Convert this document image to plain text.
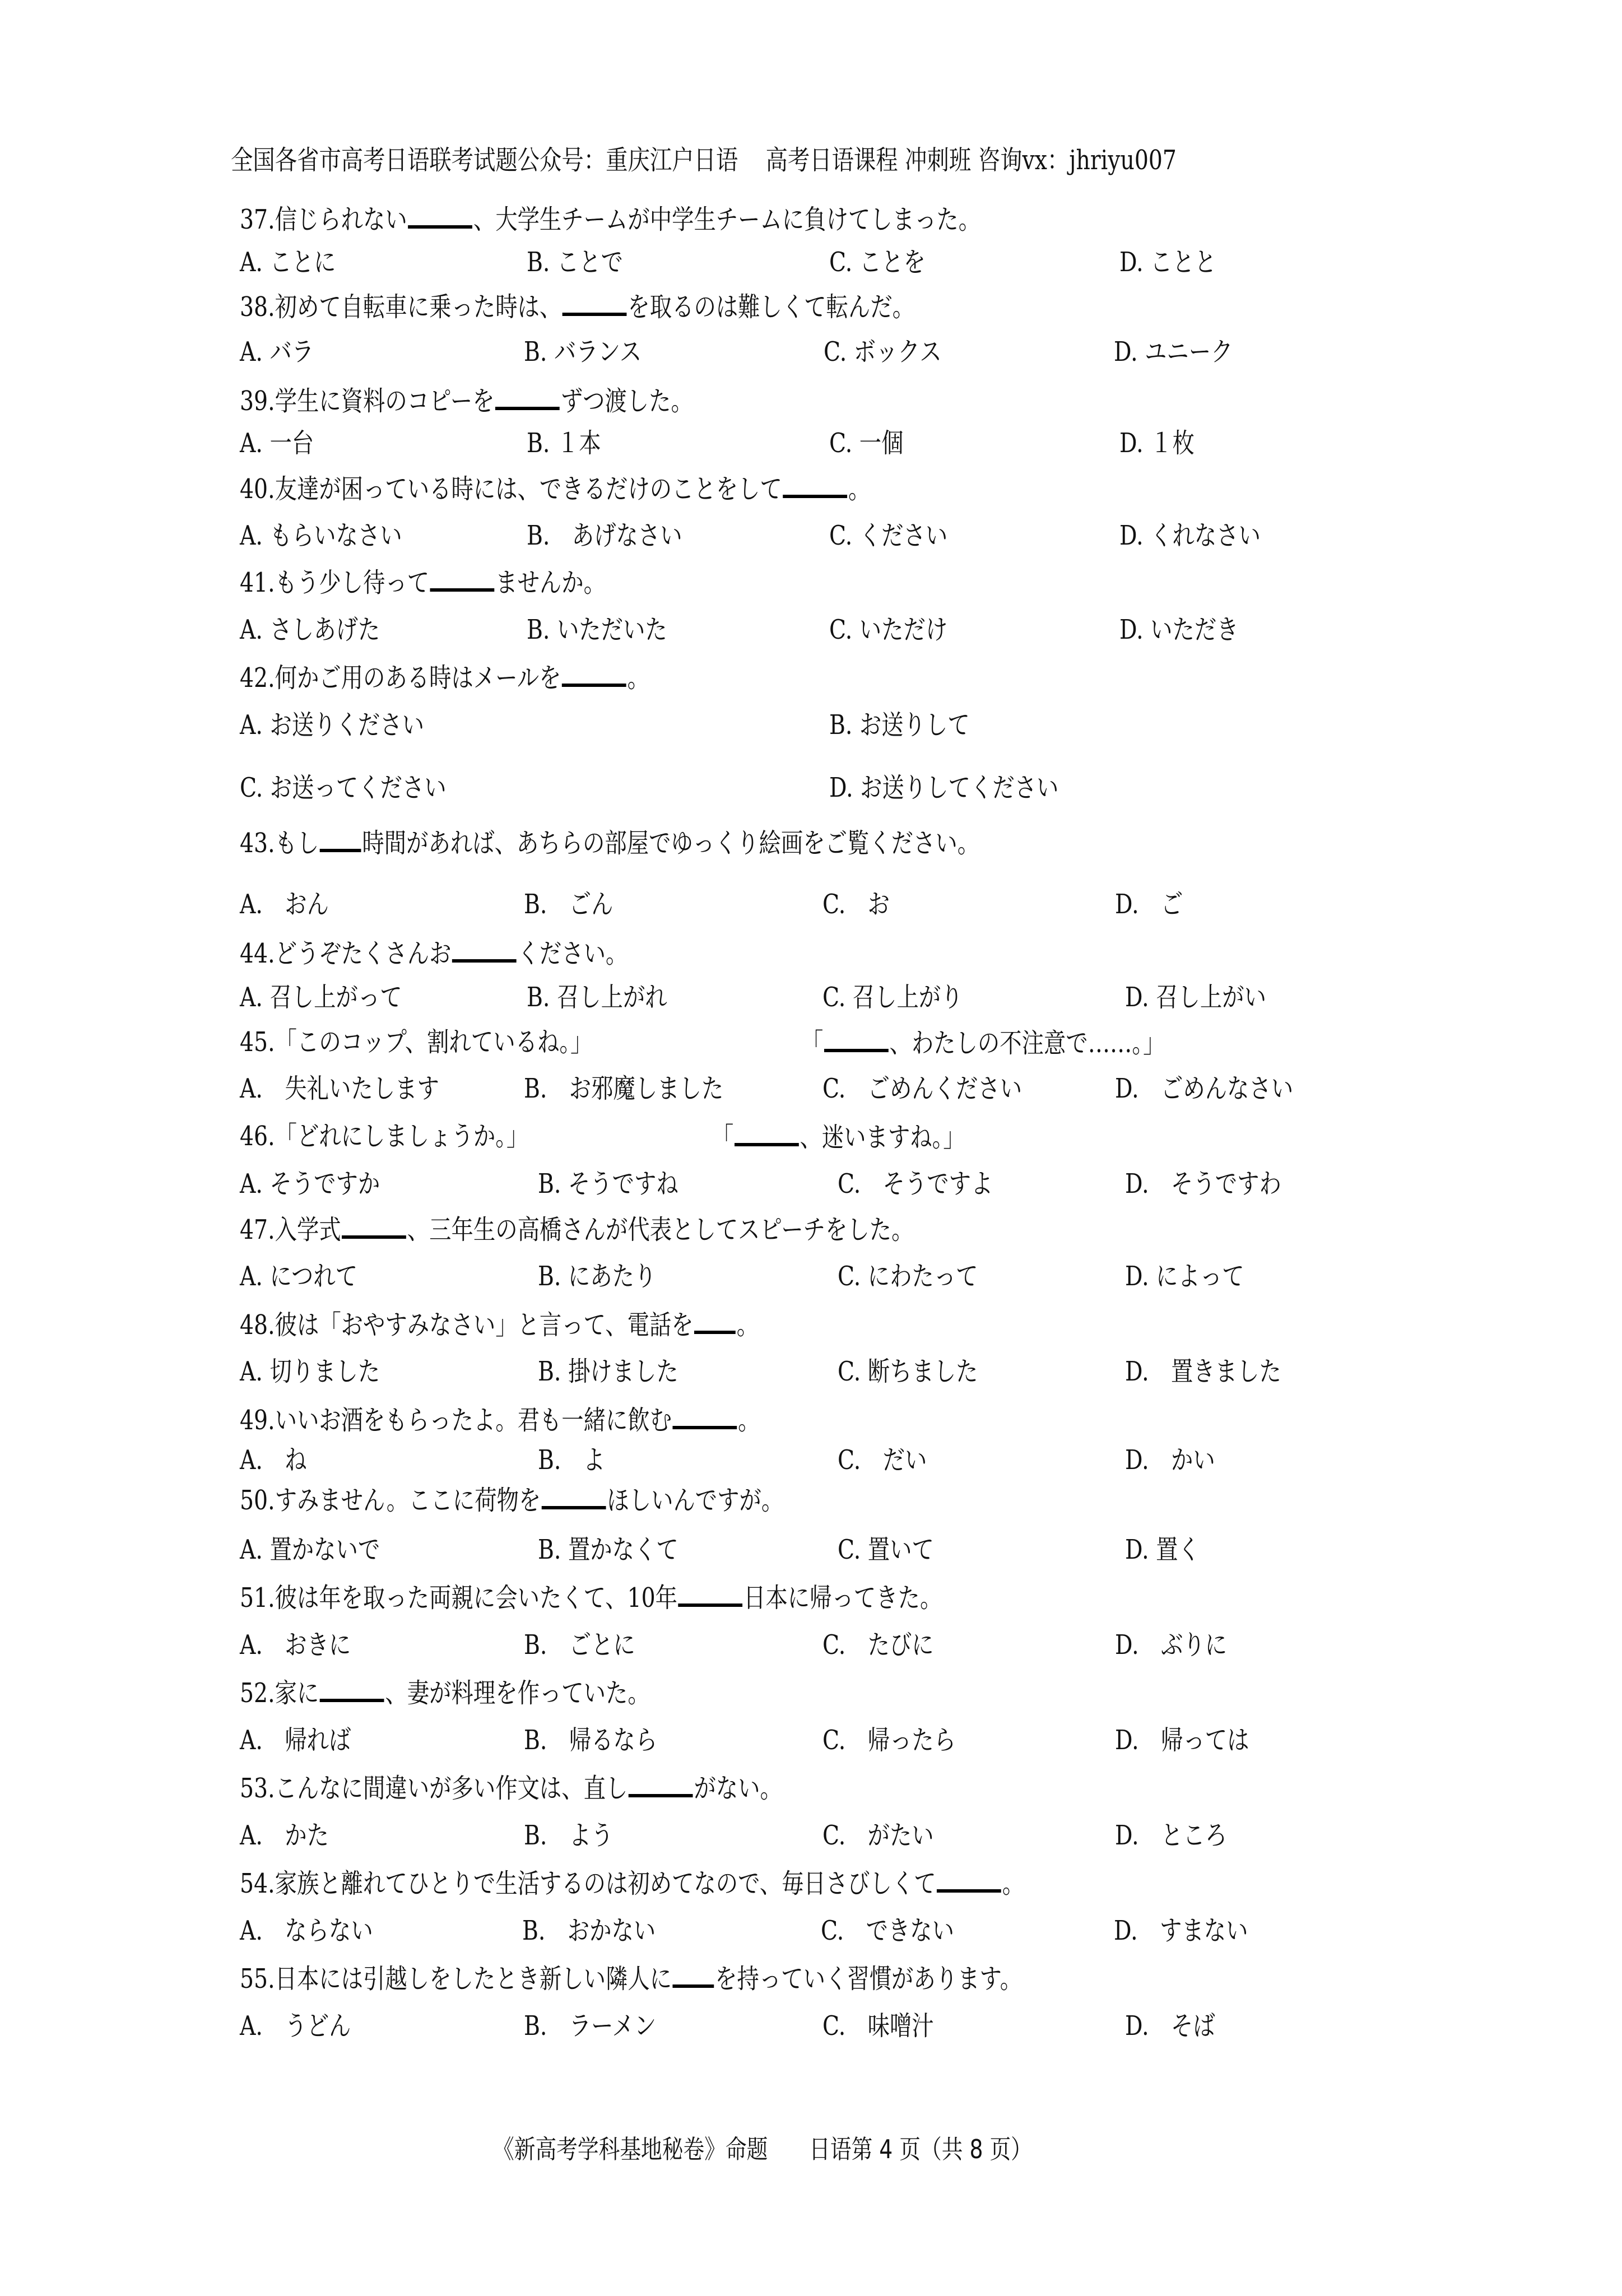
全国各省市高考日语联考试题公众号：重庆江户日语 高考日语课程 冲刺班 咨询vx：jhriyu007
37.信じられない 、大学生チームが中学生チームに負けてしまった。
A. ことに	B. ことで	C. ことを	D. ことと
38.初めて自転車に乗った時は、 を取るのは難しくて転んだ。
A. バラ	B. バランス	C. ボックス	D. ユニーク
39.学生に資料のコピーを ずつ渡した。
A. 一台	B. １本	C. 一個	D. １枚
40.友達が困っている時には、できるだけのことをして 。
A. もらいなさい	B.　あげなさい	C. ください	D. くれなさい
41.もう少し待って ませんか。
A. さしあげた	B. いただいた	C. いただけ	D. いただき
42.何かご用のある時はメールを 。
A. お送りください	B. お送りして
C. お送ってください	D. お送りしてください
43.もし 時間があれば、あちらの部屋でゆっくり絵画をご覧ください。
A.　おん	B.　ごん	C.　お	D.　ご
44.どうぞたくさんお ください。
A. 召し上がって	B. 召し上がれ	C. 召し上がり	D. 召し上がい
45.「このコップ、割れているね。」	「 、わたしの不注意で……。」
A.　失礼いたします	B.　お邪魔しました	C.　ごめんください	D.　ごめんなさい
46.「どれにしましょうか。」	「 、迷いますね。」
A. そうですか	B. そうですね	C.　そうですよ	D.　そうですわ
47.入学式 、三年生の高橋さんが代表としてスピーチをした。
A. につれて	B. にあたり	C. にわたって	D. によって
48.彼は「おやすみなさい」と言って、電話を 。
A. 切りました	B. 掛けました	C. 断ちました	D.　置きました
49.いいお酒をもらったよ。君も一緒に飲む 。
A.　ね	B.　よ	C.　だい	D.　かい
50.すみません。ここに荷物を ほしいんですが。
A. 置かないで	B. 置かなくて	C. 置いて	D. 置く
51.彼は年を取った両親に会いたくて、10年 日本に帰ってきた。
A.　おきに	B.　ごとに	C.　たびに	D.　ぶりに
52.家に 、妻が料理を作っていた。
A.　帰れば	B.　帰るなら	C.　帰ったら	D.　帰っては
53.こんなに間違いが多い作文は、直し がない。
A.　かた	B.　よう	C.　がたい	D.　ところ
54.家族と離れてひとりで生活するのは初めてなので、毎日さびしくて 。
A.　ならない	B.　おかない	C.　できない	D.　すまない
55.日本には引越しをしたとき新しい隣人に を持っていく習慣があります。
A.　うどん	B.　ラーメン	C.　味噌汁	D.　そば
《新高考学科基地秘卷》命题 日语第 4 页（共 8 页）
